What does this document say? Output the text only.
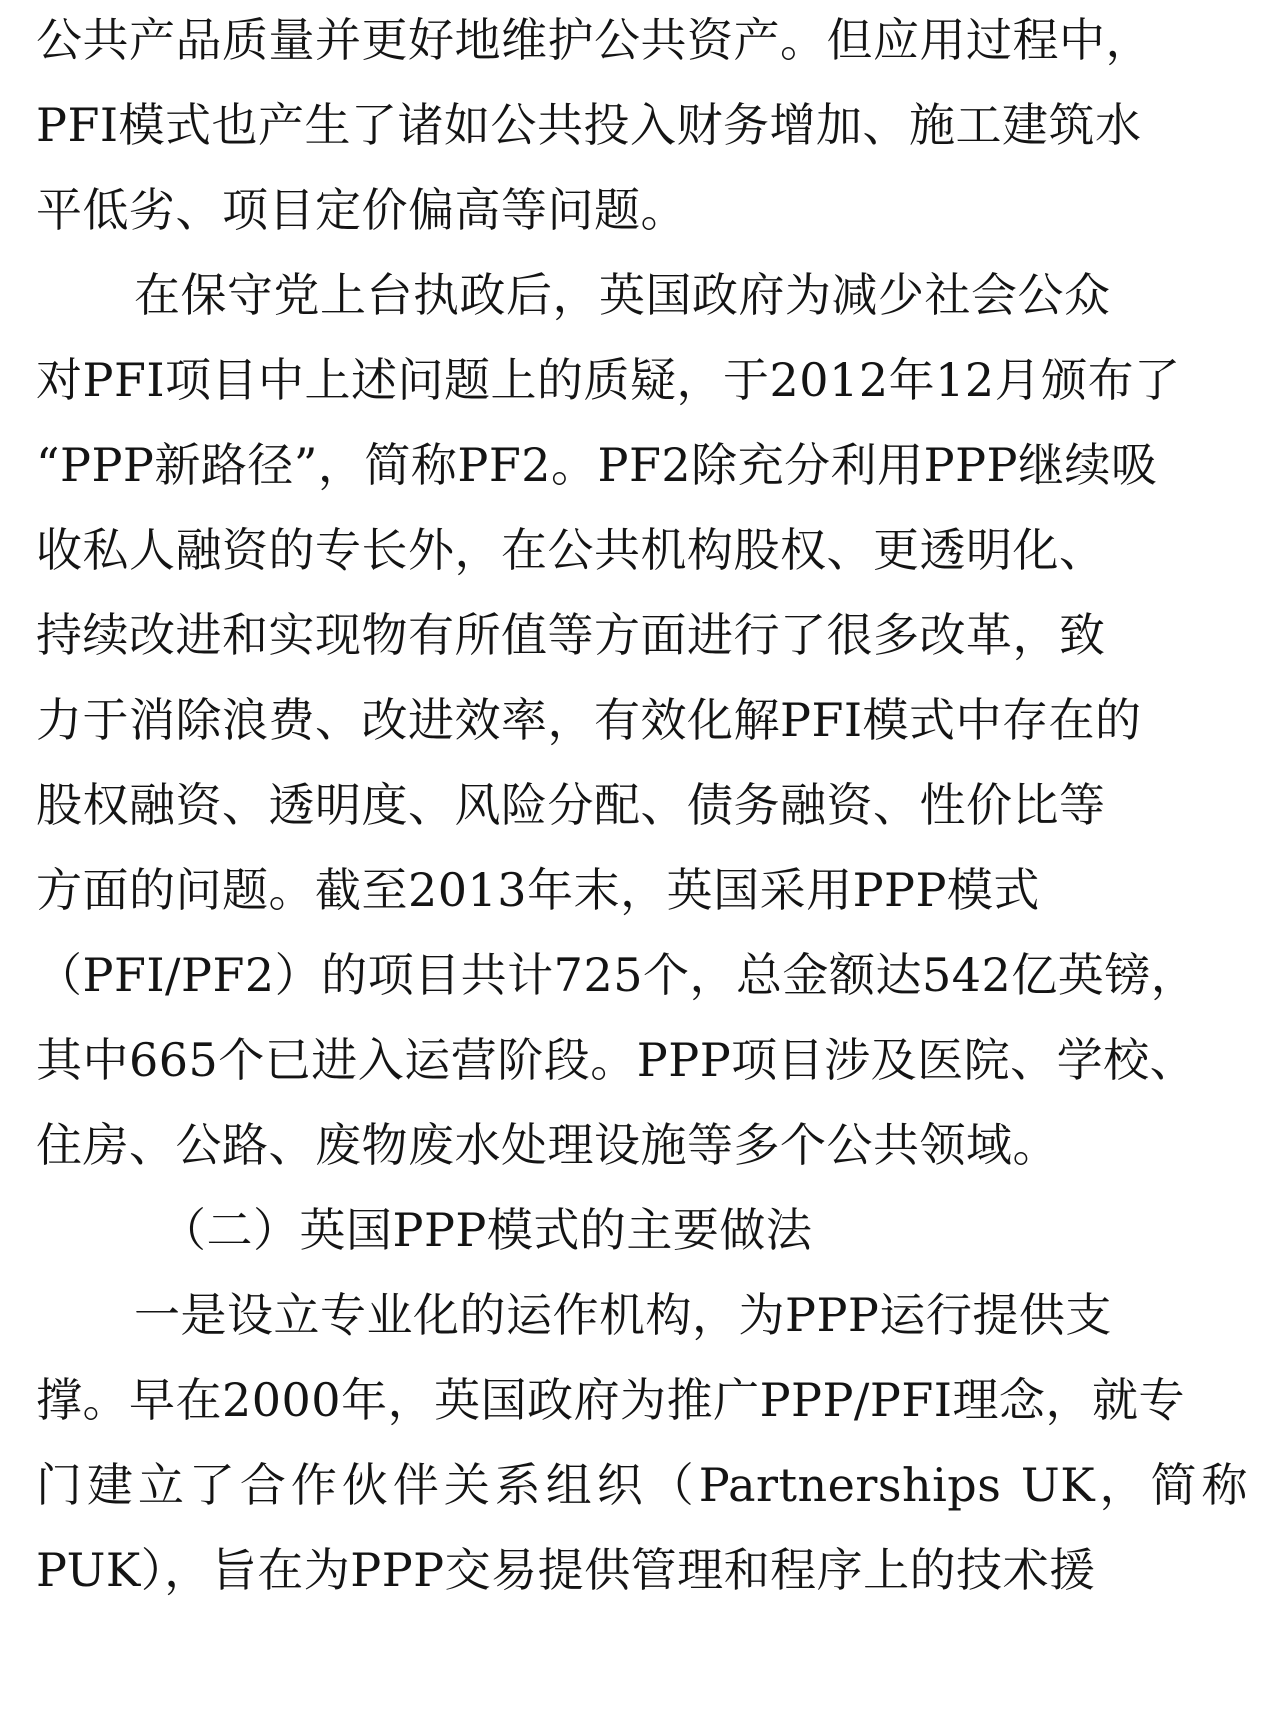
公共产品质量并更好地维护公共资产。但应用过程中，
PFI模式也产生了诸如公共投入财务增加、施工建筑水
平低劣、项目定价偏高等问题。
在保守党上台执政后，英国政府为减少社会公众
对PFI项目中上述问题上的质疑，于2012年12月颁布了
“PPP新路径”，简称PF2。PF2除充分利用PPP继续吸
收私人融资的专长外，在公共机构股权、更透明化、
持续改进和实现物有所值等方面进行了很多改革，致
力于消除浪费、改进效率，有效化解PFI模式中存在的
股权融资、透明度、风险分配、债务融资、性价比等
方面的问题。截至2013年末，英国采用PPP模式
（PFI/PF2）的项目共计725个，总金额达542亿英镑，
其中665个已进入运营阶段。PPP项目涉及医院、学校、
住房、公路、废物废水处理设施等多个公共领域。
（二）英国PPP模式的主要做法
一是设立专业化的运作机构，为PPP运行提供支
撑。早在2000年，英国政府为推广PPP/PFI理念，就专
门建立了合作伙伴关系组织（Partnerships UK，简称
PUK），旨在为PPP交易提供管理和程序上的技术援
